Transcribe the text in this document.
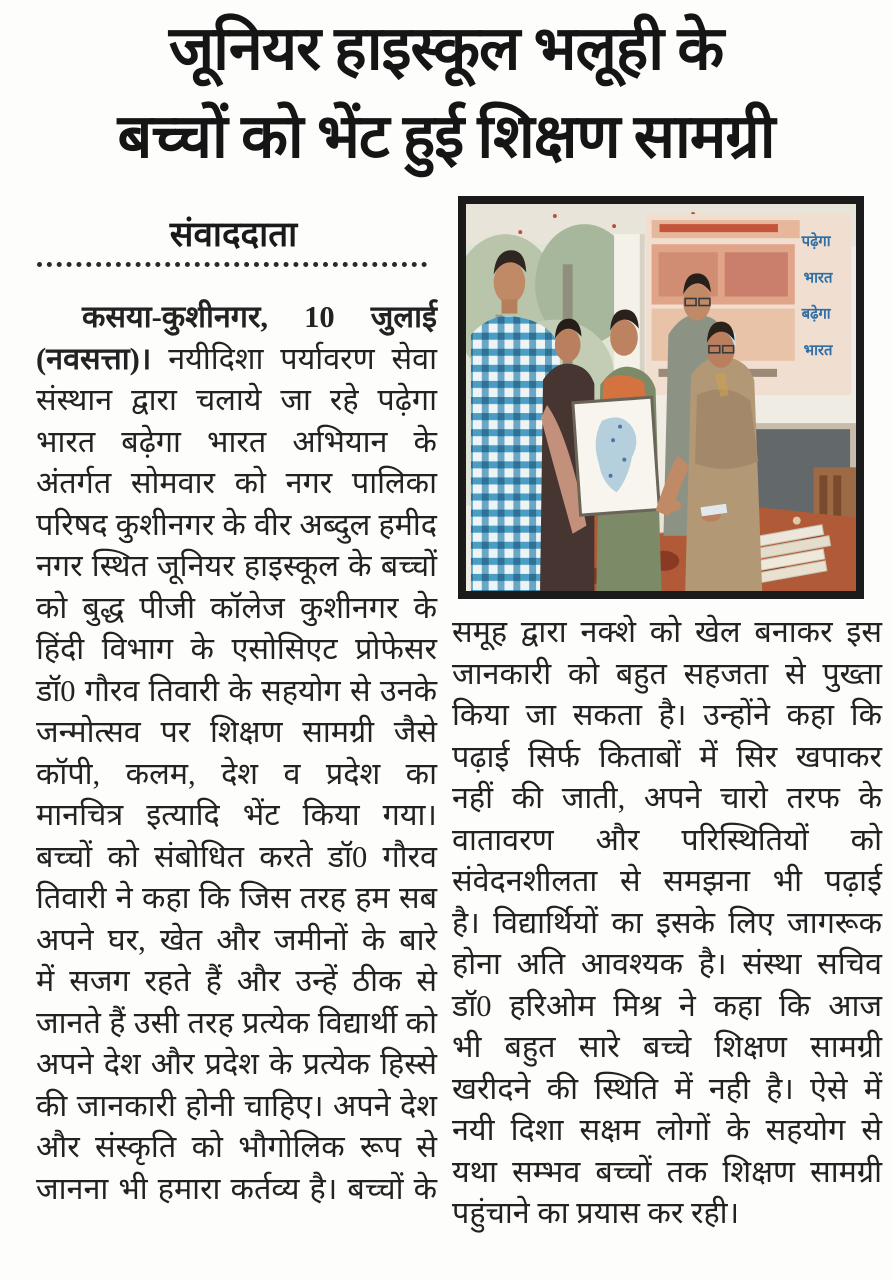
जूनियर हाइस्कूल भलूही के
बच्चों को भेंट हुई शिक्षण सामग्री
संवाददाता	पढ़ेगा
भारत
बढ़ेगा
भारत
कसया-कुशीनगर, 10 जुलाई
(नवसत्ता)। नयीदिशा पर्यावरण सेवा
संस्थान द्वारा चलाये जा रहे पढ़ेगा
भारत बढ़ेगा भारत अभियान के
अंतर्गत सोमवार को नगर पालिका
परिषद कुशीनगर के वीर अब्दुल हमीद
नगर स्थित जूनियर हाइस्कूल के बच्चों
को बुद्ध पीजी कॉलेज कुशीनगर के
हिंदी विभाग के एसोसिएट प्रोफेसर
डॉ0 गौरव तिवारी के सहयोग से उनके
जन्मोत्सव पर शिक्षण सामग्री जैसे
कॉपी, कलम, देश व प्रदेश का
मानचित्र इत्यादि भेंट किया गया।
बच्चों को संबोधित करते डॉ0 गौरव
तिवारी ने कहा कि जिस तरह हम सब
अपने घर, खेत और जमीनों के बारे
में सजग रहते हैं और उन्हें ठीक से
जानते हैं उसी तरह प्रत्येक विद्यार्थी को
अपने देश और प्रदेश के प्रत्येक हिस्से
की जानकारी होनी चाहिए। अपने देश
और संस्कृति को भौगोलिक रूप से
जानना भी हमारा कर्तव्य है। बच्चों के
समूह द्वारा नक्शे को खेल बनाकर इस
जानकारी को बहुत सहजता से पुख्ता
किया जा सकता है। उन्होंने कहा कि
पढ़ाई सिर्फ किताबों में सिर खपाकर
नहीं की जाती, अपने चारो तरफ के
वातावरण और परिस्थितियों को
संवेदनशीलता से समझना भी पढ़ाई
है। विद्यार्थियों का इसके लिए जागरूक
होना अति आवश्यक है। संस्था सचिव
डॉ0 हरिओम मिश्र ने कहा कि आज
भी बहुत सारे बच्चे शिक्षण सामग्री
खरीदने की स्थिति में नही है। ऐसे में
नयी दिशा सक्षम लोगों के सहयोग से
यथा सम्भव बच्चों तक शिक्षण सामग्री
पहुंचाने का प्रयास कर रही।
